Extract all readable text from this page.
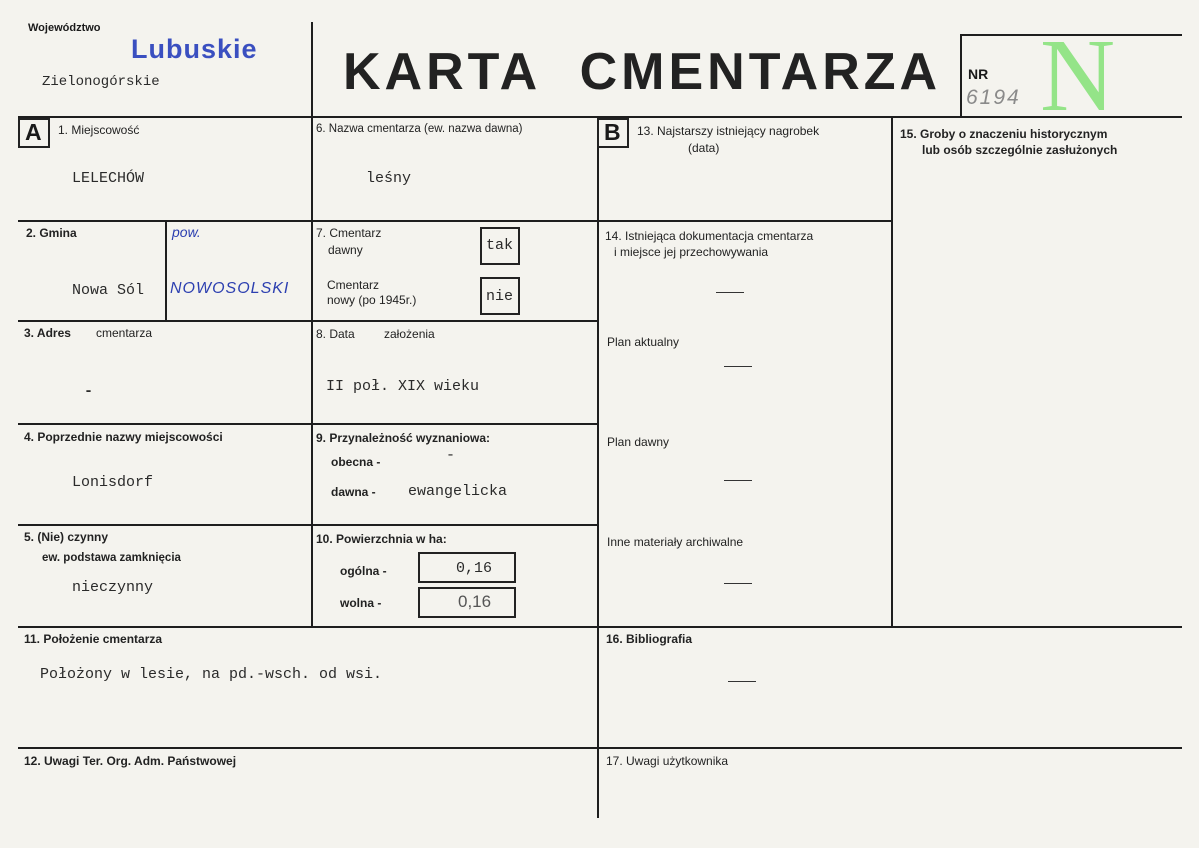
Województwo
Lubuskie
Zielonogórskie	KARTA CMENTARZA NR
6194 N
A	B
1. Miejscowość
LELECHÓW
6. Nazwa cmentarza (ew. nazwa dawna)
leśny
13. Najstarszy istniejący nagrobek
(data)
15. Groby o znaczeniu historycznym
lub osób szczególnie zasłużonych
2. Gmina	pow.
Nowa Sól NOWOSOLSKI
7. Cmentarz
dawny	tak
Cmentarz
nowy (po 1945r.)	nie
14. Istniejąca dokumentacja cmentarza
i miejsce jej przechowywania
Plan aktualny
Plan dawny
Inne materiały archiwalne
3. Adres cmentarza
-
8. Data założenia
II poł. XIX wieku
4. Poprzednie nazwy miejscowości
Lonisdorf
9. Przynależność wyznaniowa:
obecna -	-
dawna - ewangelicka
5. (Nie) czynny
ew. podstawa zamknięcia
nieczynny
10. Powierzchnia w ha:
ogólna -	0,16
wolna -	0,16
11. Położenie cmentarza
Położony w lesie, na pd.-wsch. od wsi.
16. Bibliografia
12. Uwagi Ter. Org. Adm. Państwowej	17. Uwagi użytkownika
